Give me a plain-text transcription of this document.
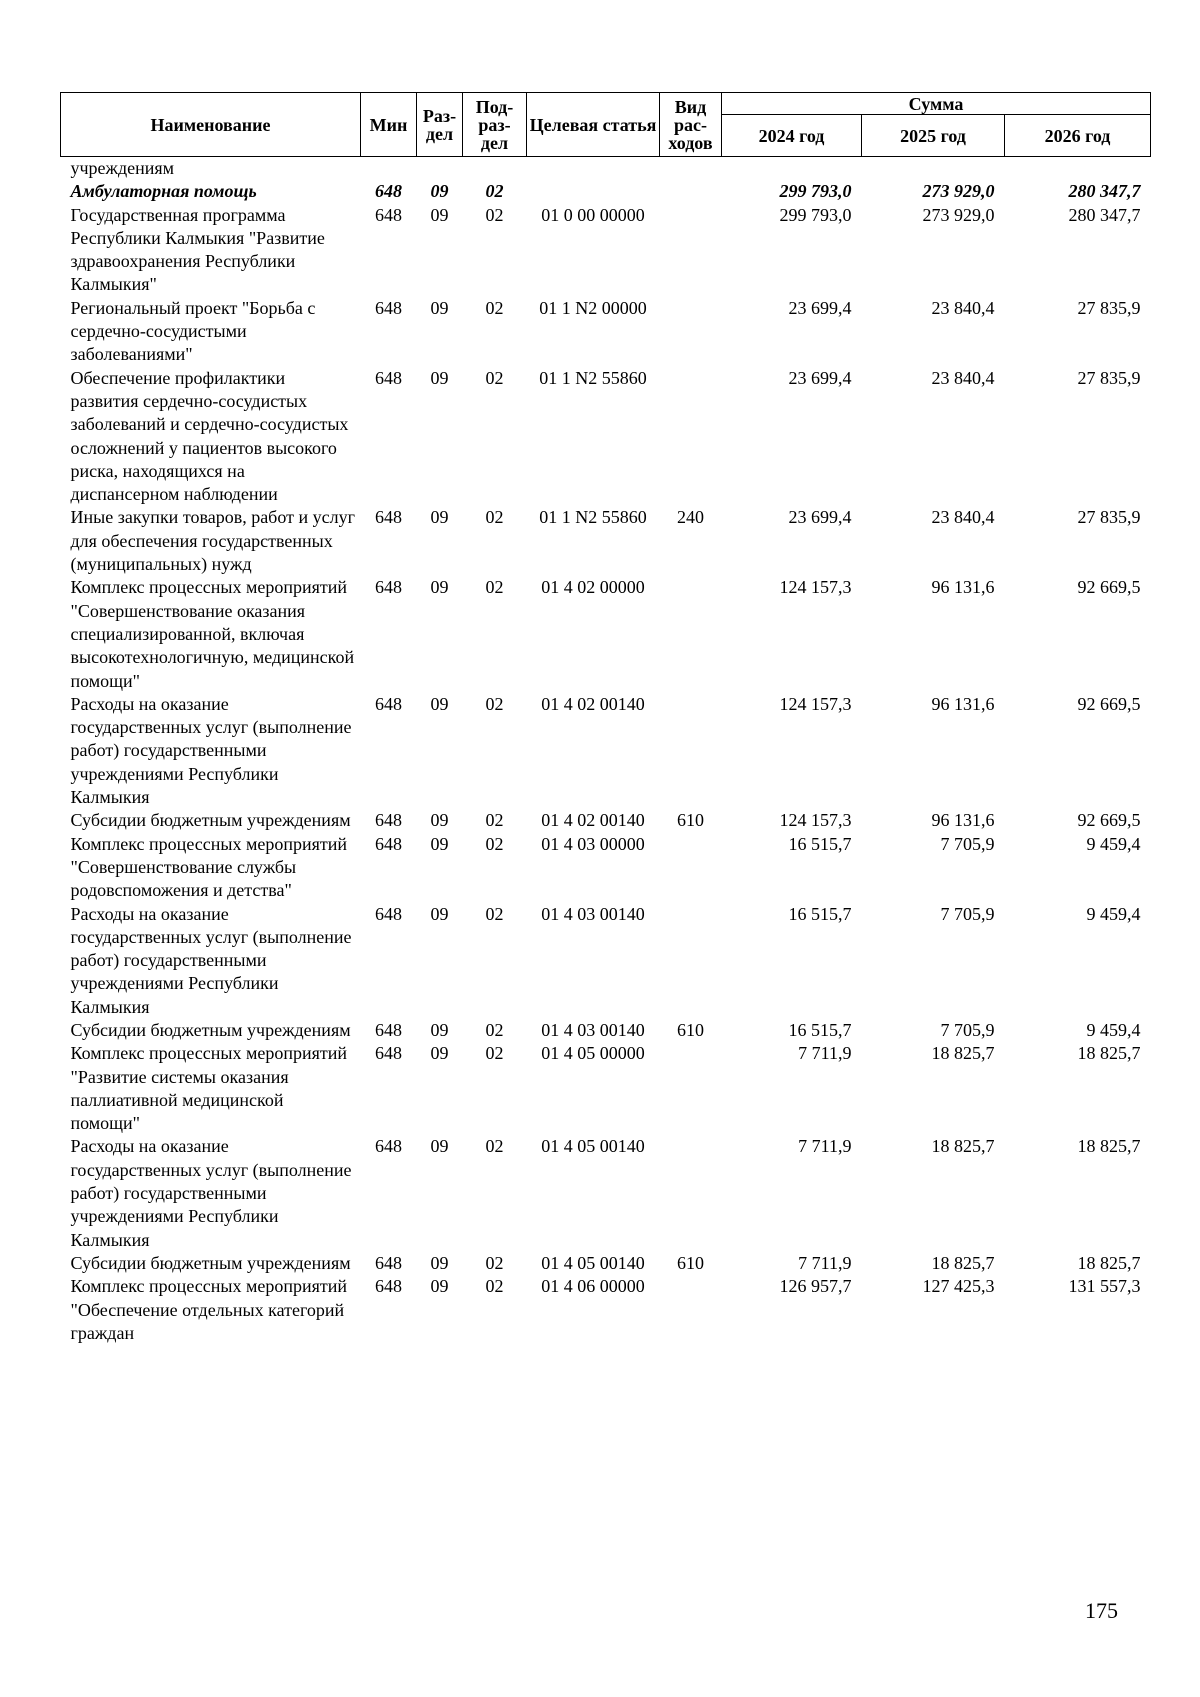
Наименование	Мин	Раз-дел	Под-раз-дел	Целевая статья	Вид рас-ходов	Сумма		
						2024 год	2025 год	2026 год
учреждениям								
Амбулаторная помощь	648	09	02			299 793,0	273 929,0	280 347,7
Государственная программа Республики Калмыкия "Развитие здравоохранения Республики Калмыкия"	648	09	02	01 0 00 00000		299 793,0	273 929,0	280 347,7
Региональный проект "Борьба с сердечно-сосудистыми заболеваниями"	648	09	02	01 1 N2 00000		23 699,4	23 840,4	27 835,9
Обеспечение профилактики развития сердечно-сосудистых заболеваний и сердечно-сосудистых осложнений у пациентов высокого риска, находящихся на диспансерном наблюдении	648	09	02	01 1 N2 55860		23 699,4	23 840,4	27 835,9
Иные закупки товаров, работ и услуг для обеспечения государственных (муниципальных) нужд	648	09	02	01 1 N2 55860	240	23 699,4	23 840,4	27 835,9
Комплекс процессных мероприятий "Совершенствование оказания специализированной, включая высокотехнологичную, медицинской помощи"	648	09	02	01 4 02 00000		124 157,3	96 131,6	92 669,5
Расходы на оказание государственных услуг (выполнение работ) государственными учреждениями Республики Калмыкия	648	09	02	01 4 02 00140		124 157,3	96 131,6	92 669,5
Субсидии бюджетным учреждениям	648	09	02	01 4 02 00140	610	124 157,3	96 131,6	92 669,5
Комплекс процессных мероприятий "Совершенствование службы родовспоможения и детства"	648	09	02	01 4 03 00000		16 515,7	7 705,9	9 459,4
Расходы на оказание государственных услуг (выполнение работ) государственными учреждениями Республики Калмыкия	648	09	02	01 4 03 00140		16 515,7	7 705,9	9 459,4
Субсидии бюджетным учреждениям	648	09	02	01 4 03 00140	610	16 515,7	7 705,9	9 459,4
Комплекс процессных мероприятий "Развитие системы оказания паллиативной медицинской помощи"	648	09	02	01 4 05 00000		7 711,9	18 825,7	18 825,7
Расходы на оказание государственных услуг (выполнение работ) государственными учреждениями Республики Калмыкия	648	09	02	01 4 05 00140		7 711,9	18 825,7	18 825,7
Субсидии бюджетным учреждениям	648	09	02	01 4 05 00140	610	7 711,9	18 825,7	18 825,7
Комплекс процессных мероприятий "Обеспечение отдельных категорий граждан	648	09	02	01 4 06 00000		126 957,7	127 425,3	131 557,3
175
